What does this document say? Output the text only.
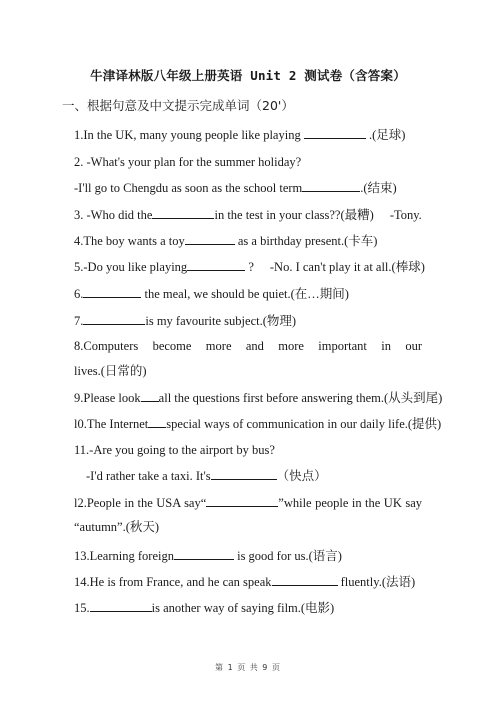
牛津译林版八年级上册英语 Unit 2 测试卷（含答案）
一、根据句意及中文提示完成单词（20'）
1.In the UK, many young people like playing	.(足球)
2. -What's your plan for the summer holiday?
-I'll go to Chengdu as soon as the school term	.(结束)
3. -Who did the	in the test in your class??(最糟) -Tony.
4.The boy wants a toy	as a birthday present.(卡车)
5.-Do you like playing	? -No. I can't play it at all.(棒球)
6.	the meal, we should be quiet.(在…期间)
7.	is my favourite subject.(物理)
8.Computers become more and more important in our
lives.(日常的)
9.Please look all the questions first before answering them.(从头到尾)
l0.The Internet special ways of communication in our daily life.(提供)
11.-Are you going to the airport by bus?
-I'd rather take a taxi. It's	（快点）
l2.People in the USA say“	”while people in the UK say
“autumn”.(秋天)
13.Learning foreign	is good for us.(语言)
14.He is from France, and he can speak	fluently.(法语)
15.	is another way of saying film.(电影)
第 1 页 共 9 页
